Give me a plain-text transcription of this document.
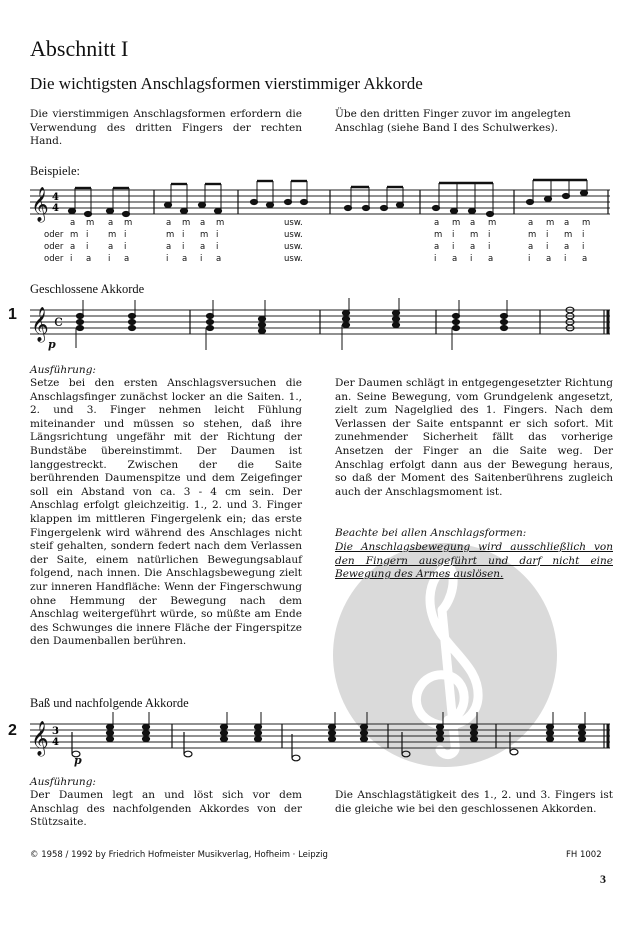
Abschnitt I
Die wichtigsten Anschlagsformen vierstimmiger Akkorde
Die vierstimmigen Anschlagsformen erfordern die Verwendung des dritten Fingers der rechten Hand.
Übe den dritten Finger zuvor im angelegten Anschlag (siehe Band I des Schulwerkes).
Beispiele:
𝄞 4
4
a m a m	a m a m	usw.	a m a m	a m a m
oder m i m i	m i m i	usw.	m i m i	m i m i
oder a i a i	a i a i	usw.	a i a i	a i a i
oder i a i a	i a i a	usw.	i a i a	i a i a
Geschlossene Akkorde
1 𝄞 c
p
Ausführung:
Setze bei den ersten Anschlagsversuchen die Anschlagsfinger zunächst locker an die Saiten. 1., 2. und 3. Finger nehmen leicht Fühlung miteinander und müssen so stehen, daß ihre Längsrichtung ungefähr mit der Richtung der Bundstäbe übereinstimmt. Der Daumen ist langgestreckt. Zwischen der die Saite berührenden Daumenspitze und dem Zeigefinger soll ein Abstand von ca. 3 - 4 cm sein. Der Anschlag erfolgt gleichzeitig. 1., 2. und 3. Finger klappen im mittleren Fingergelenk ein; das erste Fingergelenk wird während des Anschlages nicht steif gehalten, sondern federt nach dem Verlassen der Saite, einem natürlichen Bewegungsablauf folgend, nach innen. Die Anschlagsbewegung zielt zur inneren Handfläche: Wenn der Fingerschwung ohne Hemmung der Bewegung nach dem Anschlag weitergeführt würde, so müßte am Ende des Schwunges die innere Fläche der Fingerspitze den Daumenballen berühren.
Der Daumen schlägt in entgegengesetzter Richtung an. Seine Bewegung, vom Grundgelenk angesetzt, zielt zum Nagelglied des 1. Fingers. Nach dem Verlassen der Saite entspannt er sich sofort. Mit zunehmender Sicherheit fällt das vorherige Ansetzen der Finger an die Saite weg. Der Anschlag erfolgt dann aus der Bewegung heraus, so daß der Moment des Saitenberührens zugleich auch der Anschlagsmoment ist.
Beachte bei allen Anschlagsformen:
Die Anschlagsbewegung wird ausschließlich von den Fingern ausgeführt und darf nicht eine Bewegung des Armes auslösen.
Baß und nachfolgende Akkorde
2 𝄞 3
4
p
Ausführung:
Der Daumen legt an und löst sich vor dem Anschlag des nachfolgenden Akkordes von der Stützsaite.
Die Anschlagstätigkeit des 1., 2. und 3. Fingers ist die gleiche wie bei den geschlossenen Akkorden.
© 1958 / 1992 by Friedrich Hofmeister Musikverlag, Hofheim · Leipzig	FH 1002
3
